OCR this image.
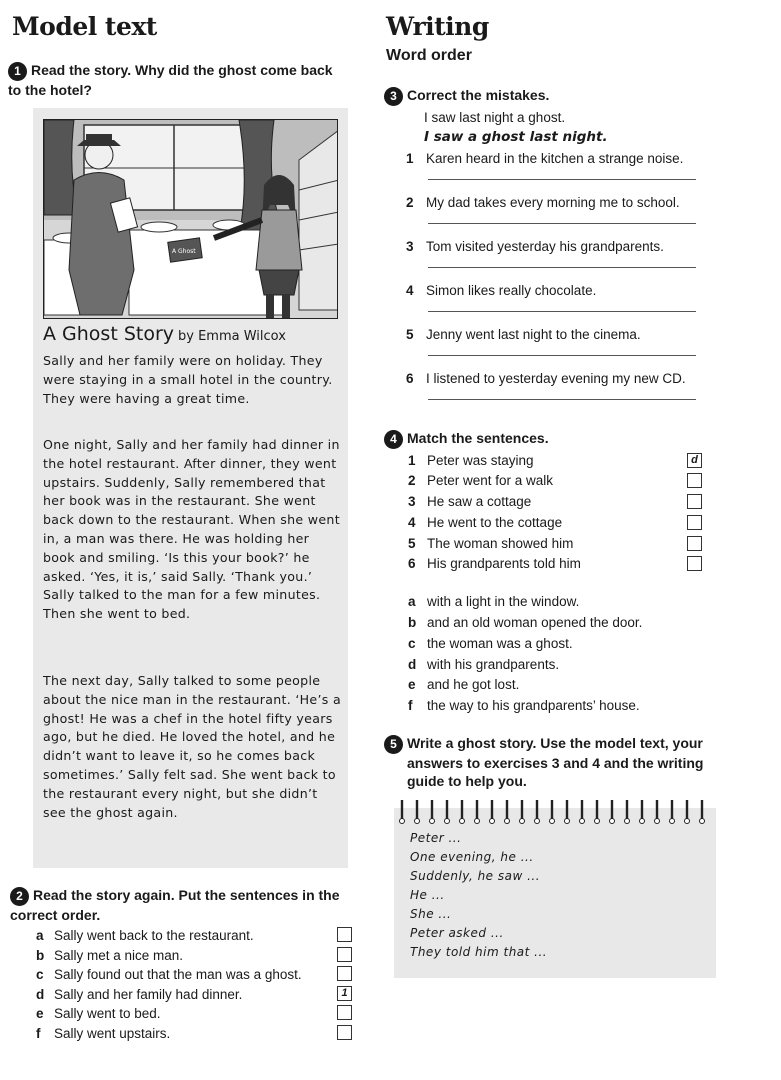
Model text
1 Read the story. Why did the ghost come back to the hotel?
A Ghost
A Ghost Story by Emma Wilcox

Sally and her family were on holiday. They were staying in a small hotel in the country. They were having a great time.

One night, Sally and her family had dinner in the hotel restaurant. After dinner, they went upstairs. Suddenly, Sally remembered that her book was in the restaurant. She went back down to the restaurant. When she went in, a man was there. He was holding her book and smiling. ‘Is this your book?’ he asked. ‘Yes, it is,’ said Sally. ‘Thank you.’ Sally talked to the man for a few minutes. Then she went to bed.

The next day, Sally talked to some people about the nice man in the restaurant. ‘He’s a ghost! He was a chef in the hotel fifty years ago, but he died. He loved the hotel, and he didn’t want to leave it, so he comes back sometimes.’ Sally felt sad. She went back to the restaurant every night, but she didn’t see the ghost again.

2 Read the story again. Put the sentences in the correct order.
a Sally went back to the restaurant.
b Sally met a nice man.
c Sally found out that the man was a ghost.
d Sally and her family had dinner.	1
e Sally went to bed.
f Sally went upstairs.
Writing
Word order
3 Correct the mistakes.
I saw last night a ghost.
I saw a ghost last night.
1 Karen heard in the kitchen a strange noise.
2 My dad takes every morning me to school.
3 Tom visited yesterday his grandparents.
4 Simon likes really chocolate.
5 Jenny went last night to the cinema.
6 I listened to yesterday evening my new CD.
4 Match the sentences.
1 Peter was staying	d
2 Peter went for a walk
3 He saw a cottage
4 He went to the cottage
5 The woman showed him
6 His grandparents told him
a with a light in the window.
b and an old woman opened the door.
c the woman was a ghost.
d with his grandparents.
e and he got lost.
f the way to his grandparents’ house.
5 Write a ghost story. Use the model text, your
answers to exercises 3 and 4 and the writing
guide to help you.
Peter ...
One evening, he ...
Suddenly, he saw ...
He ...
She ...
Peter asked ...
They told him that ...
